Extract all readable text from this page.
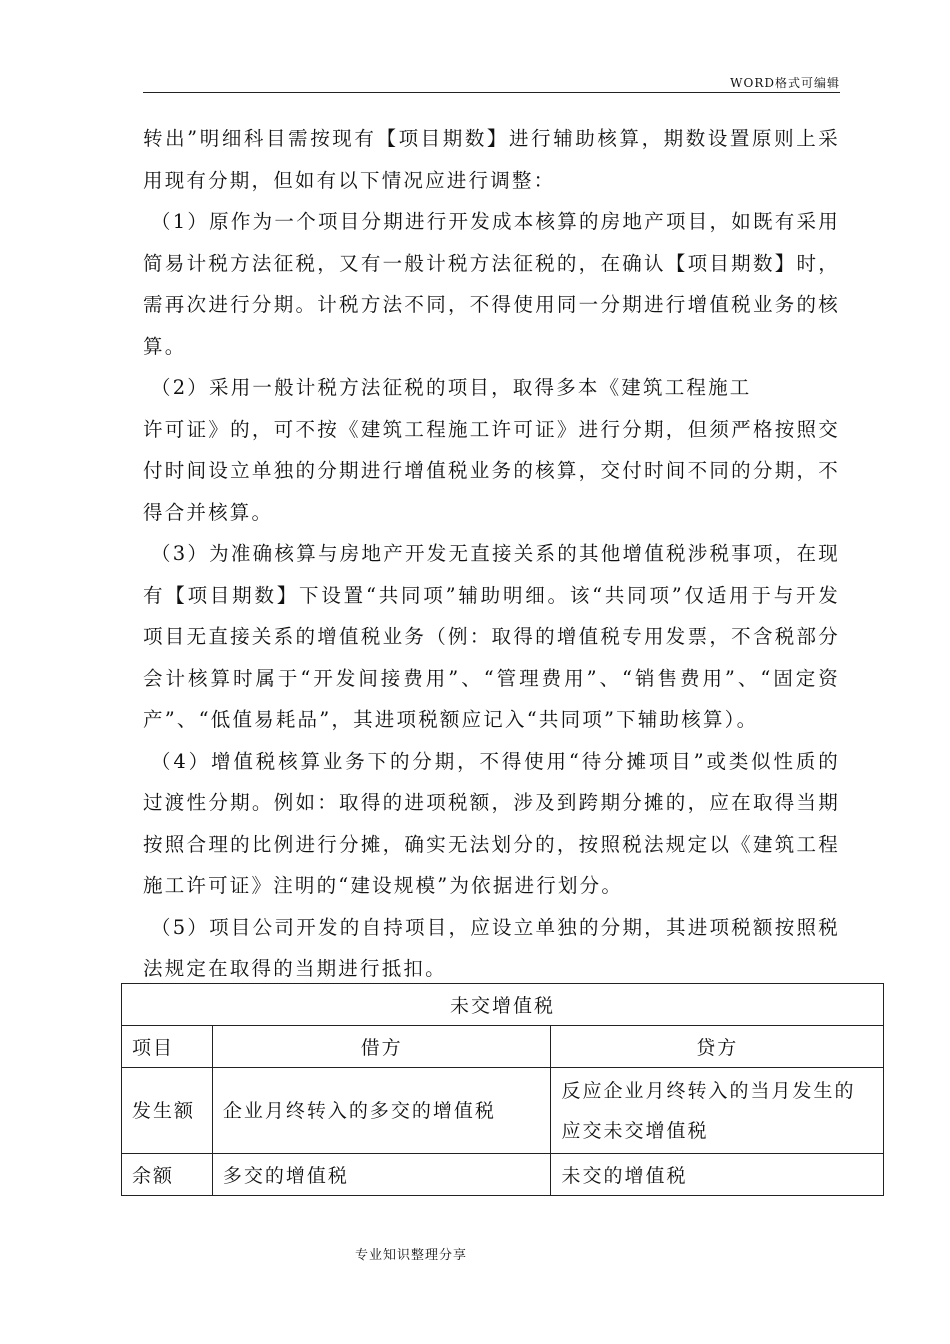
WORD格式可编辑

转出”明细科目需按现有【项目期数】进行辅助核算，期数设置原则上采用现有分期，但如有以下情况应进行调整：

（1）原作为一个项目分期进行开发成本核算的房地产项目，如既有采用简易计税方法征税，又有一般计税方法征税的，在确认【项目期数】时，需再次进行分期。计税方法不同，不得使用同一分期进行增值税业务的核算。

（2）采用一般计税方法征税的项目，取得多本《建筑工程施工

许可证》的，可不按《建筑工程施工许可证》进行分期，但须严格按照交付时间设立单独的分期进行增值税业务的核算，交付时间不同的分期，不得合并核算。

（3）为准确核算与房地产开发无直接关系的其他增值税涉税事项，在现有【项目期数】下设置“共同项”辅助明细。该“共同项”仅适用于与开发项目无直接关系的增值税业务（例：取得的增值税专用发票，不含税部分会计核算时属于“开发间接费用”、“管理费用”、“销售费用”、“固定资产”、“低值易耗品”，其进项税额应记入“共同项”下辅助核算）。

（4）增值税核算业务下的分期，不得使用“待分摊项目”或类似性质的过渡性分期。例如：取得的进项税额，涉及到跨期分摊的，应在取得当期按照合理的比例进行分摊，确实无法划分的，按照税法规定以《建筑工程施工许可证》注明的“建设规模”为依据进行划分。

（5）项目公司开发的自持项目，应设立单独的分期，其进项税额按照税法规定在取得的当期进行抵扣。

未交增值税		
项目	借方	贷方
发生额	企业月终转入的多交的增值税	反应企业月终转入的当月发生的应交未交增值税
余额	多交的增值税	未交的增值税
专业知识整理分享
